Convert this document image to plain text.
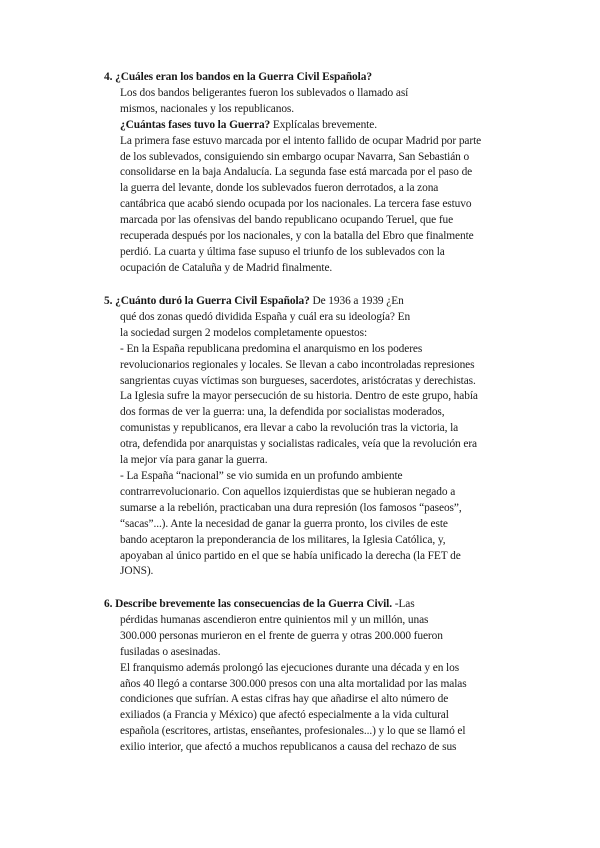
4. ¿Cuáles eran los bandos en la Guerra Civil Española?
Los dos bandos beligerantes fueron los sublevados o llamado así
mismos, nacionales y los republicanos.
¿Cuántas fases tuvo la Guerra? Explícalas brevemente.
La primera fase estuvo marcada por el intento fallido de ocupar Madrid por parte
de los sublevados, consiguiendo sin embargo ocupar Navarra, San Sebastián o
consolidarse en la baja Andalucía. La segunda fase está marcada por el paso de
la guerra del levante, donde los sublevados fueron derrotados, a la zona
cantábrica que acabó siendo ocupada por los nacionales. La tercera fase estuvo
marcada por las ofensivas del bando republicano ocupando Teruel, que fue
recuperada después por los nacionales, y con la batalla del Ebro que finalmente
perdió. La cuarta y última fase supuso el triunfo de los sublevados con la
ocupación de Cataluña y de Madrid finalmente.
5. ¿Cuánto duró la Guerra Civil Española? De 1936 a 1939 ¿En
qué dos zonas quedó dividida España y cuál era su ideología? En
la sociedad surgen 2 modelos completamente opuestos:
- En la España republicana predomina el anarquismo en los poderes
revolucionarios regionales y locales. Se llevan a cabo incontroladas represiones
sangrientas cuyas víctimas son burgueses, sacerdotes, aristócratas y derechistas.
La Iglesia sufre la mayor persecución de su historia. Dentro de este grupo, había
dos formas de ver la guerra: una, la defendida por socialistas moderados,
comunistas y republicanos, era llevar a cabo la revolución tras la victoria, la
otra, defendida por anarquistas y socialistas radicales, veía que la revolución era
la mejor vía para ganar la guerra.
- La España “nacional” se vio sumida en un profundo ambiente
contrarrevolucionario. Con aquellos izquierdistas que se hubieran negado a
sumarse a la rebelión, practicaban una dura represión (los famosos “paseos”,
“sacas”...). Ante la necesidad de ganar la guerra pronto, los civiles de este
bando aceptaron la preponderancia de los militares, la Iglesia Católica, y,
apoyaban al único partido en el que se había unificado la derecha (la FET de
JONS).
6. Describe brevemente las consecuencias de la Guerra Civil. -Las
pérdidas humanas ascendieron entre quinientos mil y un millón, unas
300.000 personas murieron en el frente de guerra y otras 200.000 fueron
fusiladas o asesinadas.
El franquismo además prolongó las ejecuciones durante una década y en los
años 40 llegó a contarse 300.000 presos con una alta mortalidad por las malas
condiciones que sufrían. A estas cifras hay que añadirse el alto número de
exiliados (a Francia y México) que afectó especialmente a la vida cultural
española (escritores, artistas, enseñantes, profesionales...) y lo que se llamó el
exilio interior, que afectó a muchos republicanos a causa del rechazo de sus
